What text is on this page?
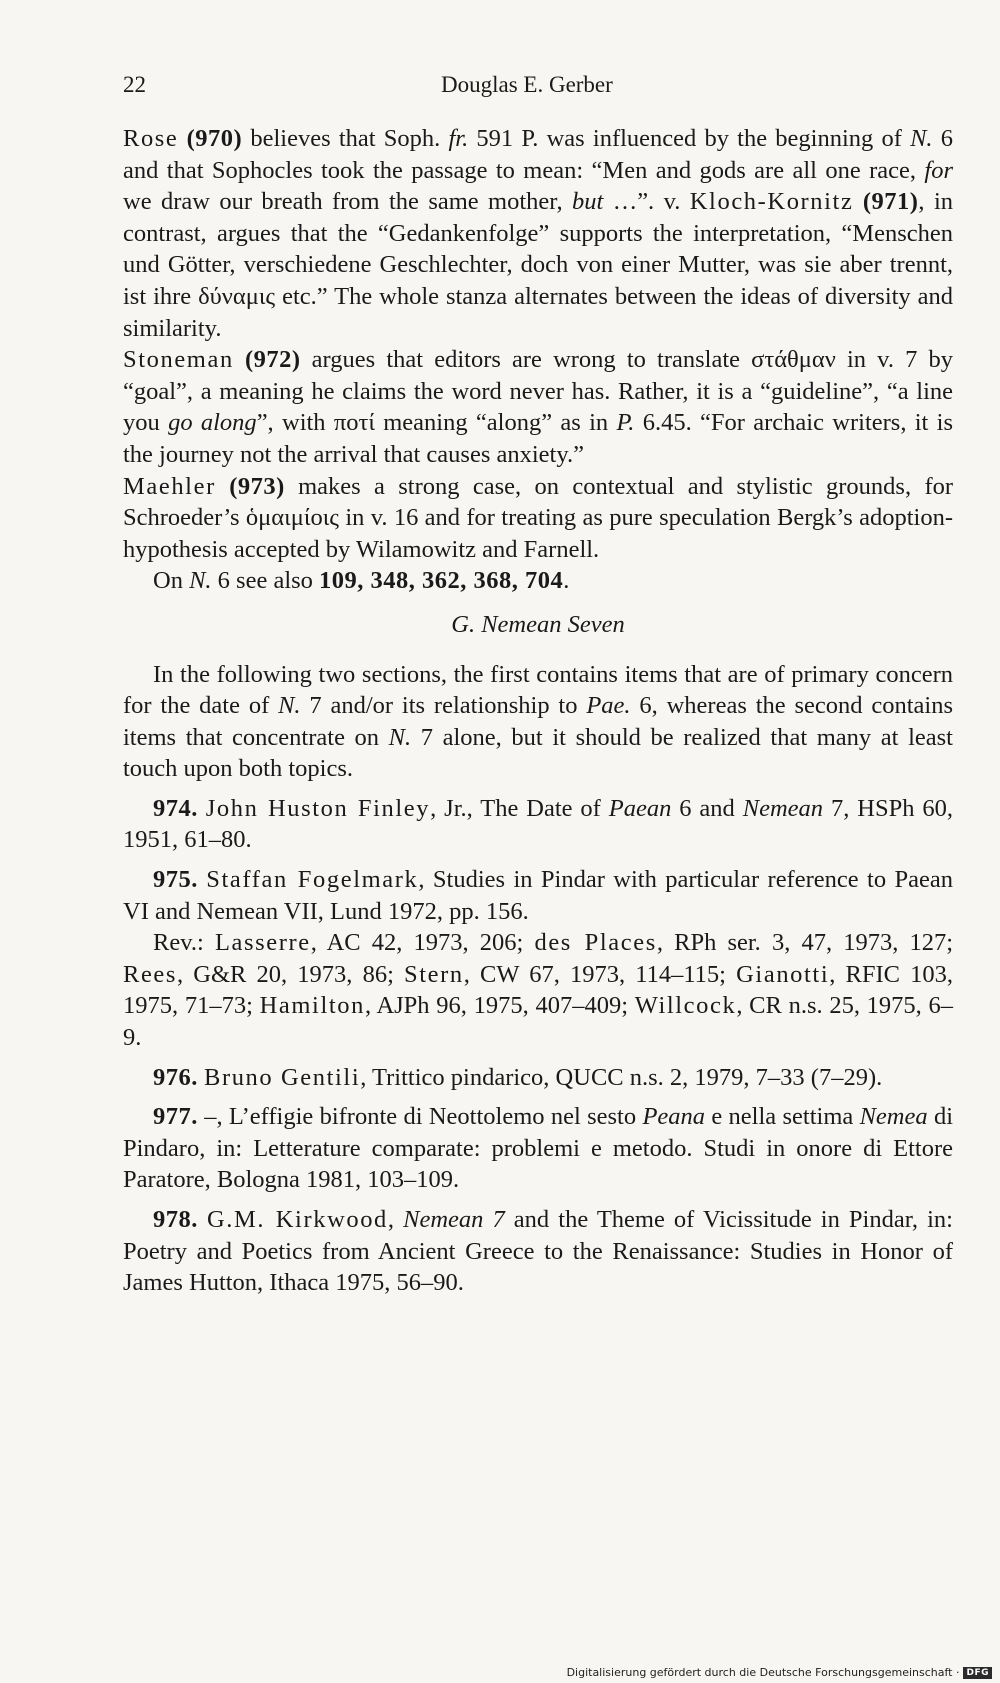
22	Douglas E. Gerber

Rose (970) believes that Soph. fr. 591 P. was influenced by the beginning of N. 6 and that Sophocles took the passage to mean: “Men and gods are all one race, for we draw our breath from the same mother, but …”. v. Kloch-Kornitz (971), in contrast, argues that the “Gedankenfolge” supports the interpretation, “Menschen und Götter, verschiedene Geschlechter, doch von einer Mutter, was sie aber trennt, ist ihre δύναμις etc.” The whole stanza alternates between the ideas of diversity and similarity.

Stoneman (972) argues that editors are wrong to translate στάθμαν in v. 7 by “goal”, a meaning he claims the word never has. Rather, it is a “guideline”, “a line you go along”, with ποτί meaning “along” as in P. 6.45. “For archaic writers, it is the journey not the arrival that causes anxiety.”

Maehler (973) makes a strong case, on contextual and stylistic grounds, for Schroeder’s ὁμαιμίοις in v. 16 and for treating as pure speculation Bergk’s adoption-hypothesis accepted by Wilamowitz and Farnell.

On N. 6 see also 109, 348, 362, 368, 704.

G. Nemean Seven

In the following two sections, the first contains items that are of primary concern for the date of N. 7 and/or its relationship to Pae. 6, whereas the second contains items that concentrate on N. 7 alone, but it should be realized that many at least touch upon both topics.

974. John Huston Finley, Jr., The Date of Paean 6 and Nemean 7, HSPh 60, 1951, 61–80.

975. Staffan Fogelmark, Studies in Pindar with particular reference to Paean VI and Nemean VII, Lund 1972, pp. 156.

Rev.: Lasserre, AC 42, 1973, 206; des Places, RPh ser. 3, 47, 1973, 127; Rees, G&R 20, 1973, 86; Stern, CW 67, 1973, 114–115; Gianotti, RFIC 103, 1975, 71–73; Hamilton, AJPh 96, 1975, 407–409; Willcock, CR n.s. 25, 1975, 6–9.

976. Bruno Gentili, Trittico pindarico, QUCC n.s. 2, 1979, 7–33 (7–29).

977. –, L’effigie bifronte di Neottolemo nel sesto Peana e nella settima Nemea di Pindaro, in: Letterature comparate: problemi e metodo. Studi in onore di Ettore Paratore, Bologna 1981, 103–109.

978. G.M. Kirkwood, Nemean 7 and the Theme of Vicissitude in Pindar, in: Poetry and Poetics from Ancient Greece to the Renaissance: Studies in Honor of James Hutton, Ithaca 1975, 56–90.

Digitalisierung gefördert durch die Deutsche Forschungsgemeinschaft · DFG
